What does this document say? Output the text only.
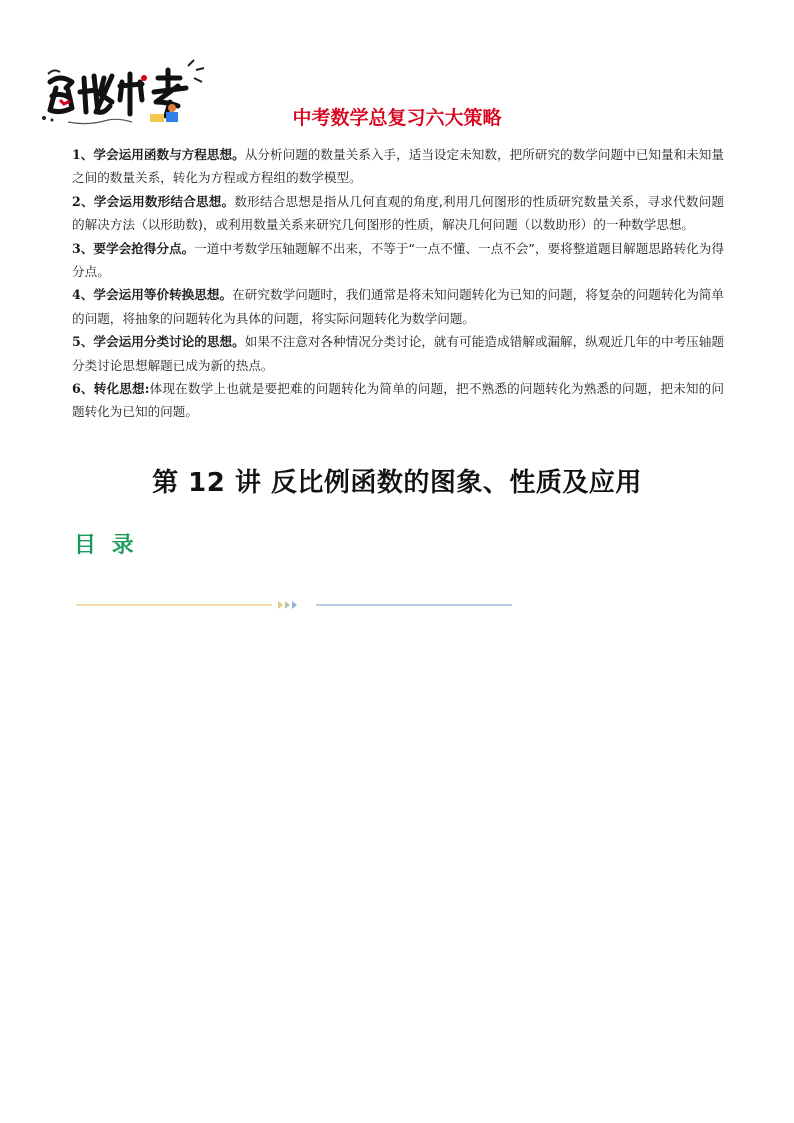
中考数学总复习六大策略

1、学会运用函数与方程思想。从分析问题的数量关系入手，适当设定未知数，把所研究的数学问题中已知量和未知量之间的数量关系，转化为方程或方程组的数学模型。

2、学会运用数形结合思想。数形结合思想是指从几何直观的角度,利用几何图形的性质研究数量关系，寻求代数问题的解决方法（以形助数)，或利用数量关系来研究几何图形的性质，解决几何问题（以数助形）的一种数学思想。

3、要学会抢得分点。一道中考数学压轴题解不出来，不等于“一点不懂、一点不会”，要将整道题目解题思路转化为得分点。

4、学会运用等价转换思想。在研究数学问题时，我们通常是将未知问题转化为已知的问题，将复杂的问题转化为简单的问题，将抽象的问题转化为具体的问题，将实际问题转化为数学问题。

5、学会运用分类讨论的思想。如果不注意对各种情况分类讨论，就有可能造成错解或漏解，纵观近几年的中考压轴题分类讨论思想解题已成为新的热点。

6、转化思想:体现在数学上也就是要把难的问题转化为简单的问题，把不熟悉的问题转化为熟悉的问题，把未知的问题转化为已知的问题。

第 12 讲 反比例函数的图象、性质及应用
目 录
